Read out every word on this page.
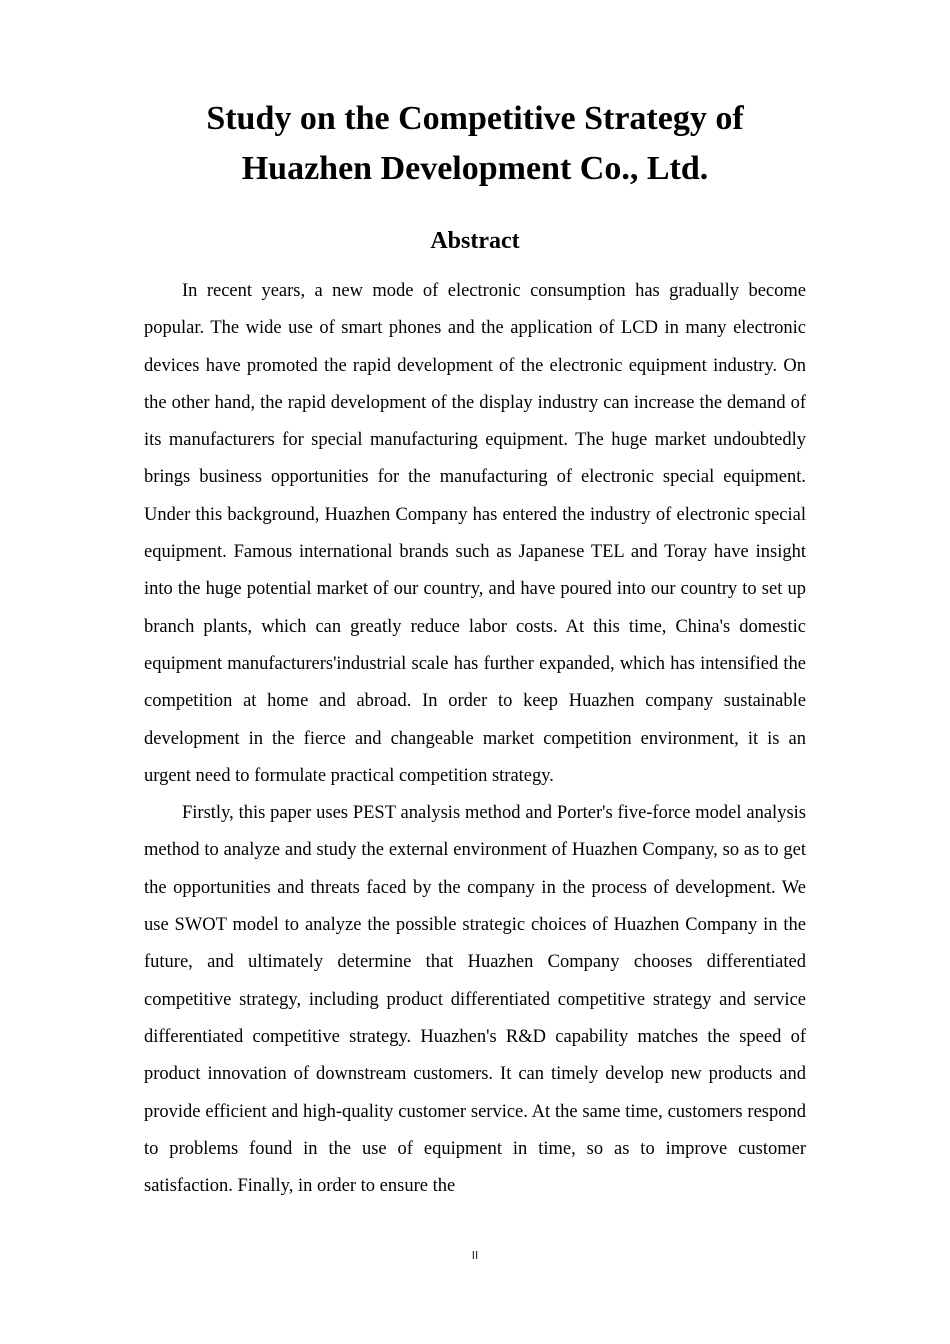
Study on the Competitive Strategy of
Huazhen Development Co., Ltd.
Abstract

In recent years, a new mode of electronic consumption has gradually become popular. The wide use of smart phones and the application of LCD in many electronic devices have promoted the rapid development of the electronic equipment industry. On the other hand, the rapid development of the display industry can increase the demand of its manufacturers for special manufacturing equipment. The huge market undoubtedly brings business opportunities for the manufacturing of electronic special equipment. Under this background, Huazhen Company has entered the industry of electronic special equipment. Famous international brands such as Japanese TEL and Toray have insight into the huge potential market of our country, and have poured into our country to set up branch plants, which can greatly reduce labor costs. At this time, China's domestic equipment manufacturers'industrial scale has further expanded, which has intensified the competition at home and abroad. In order to keep Huazhen company sustainable development in the fierce and changeable market competition environment, it is an urgent need to formulate practical competition strategy.

Firstly, this paper uses PEST analysis method and Porter's five-force model analysis method to analyze and study the external environment of Huazhen Company, so as to get the opportunities and threats faced by the company in the process of development. We use SWOT model to analyze the possible strategic choices of Huazhen Company in the future, and ultimately determine that Huazhen Company chooses differentiated competitive strategy, including product differentiated competitive strategy and service differentiated competitive strategy. Huazhen's R&D capability matches the speed of product innovation of downstream customers. It can timely develop new products and provide efficient and high-quality customer service. At the same time, customers respond to problems found in the use of equipment in time, so as to improve customer satisfaction. Finally, in order to ensure the

II
